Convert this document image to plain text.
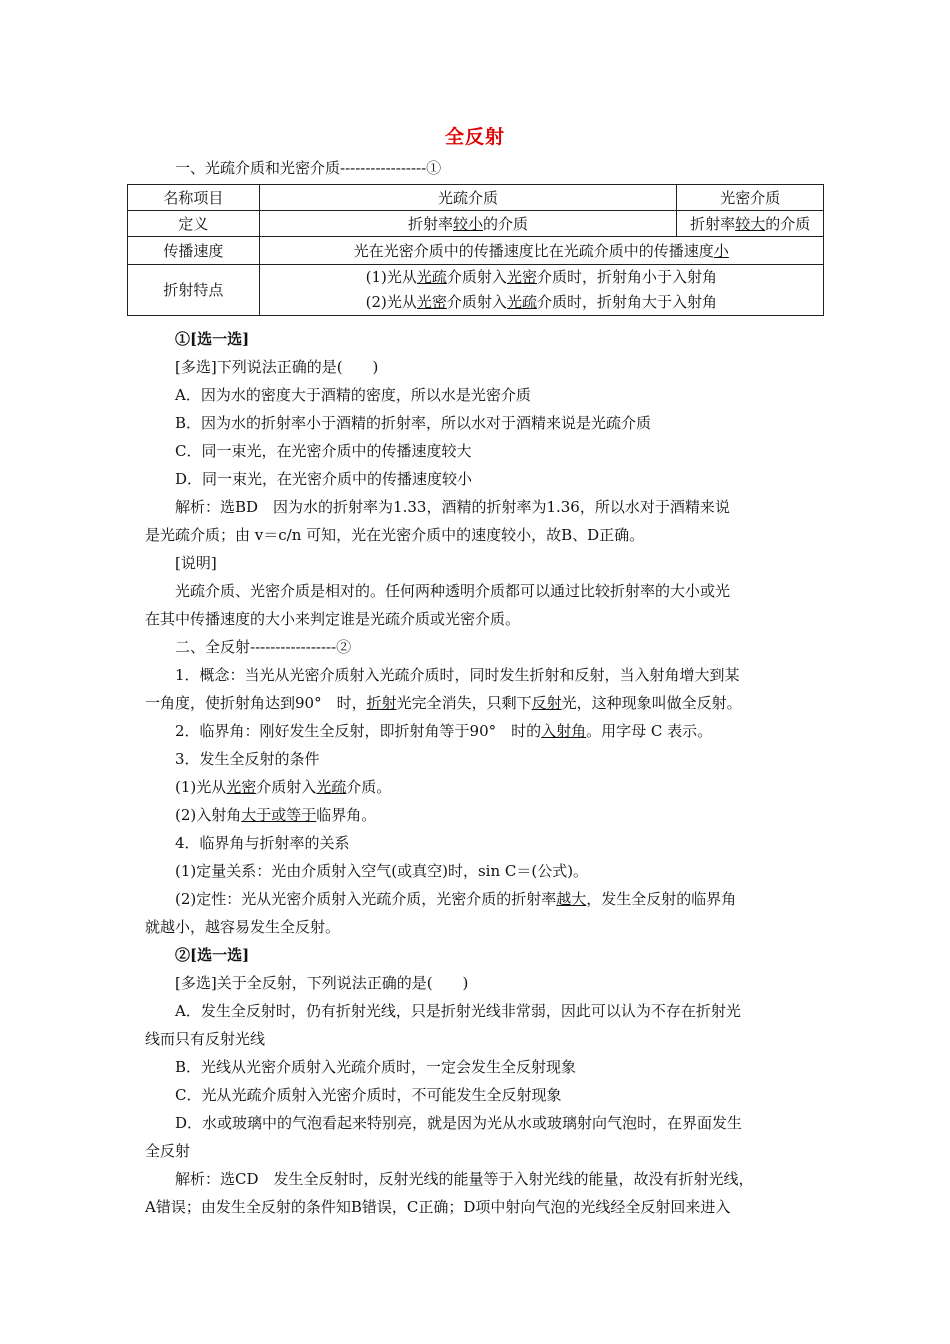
全反射
一、光疏介质和光密介质-----------------①
名称项目	光疏介质	光密介质
定义	折射率较小的介质	折射率较大的介质
传播速度	光在光密介质中的传播速度比在光疏介质中的传播速度小	
折射特点	(1)光从光疏介质射入光密介质时，折射角小于入射角
(2)光从光密介质射入光疏介质时，折射角大于入射角	
①[选一选]
[多选]下列说法正确的是(　　)
A．因为水的密度大于酒精的密度，所以水是光密介质
B．因为水的折射率小于酒精的折射率，所以水对于酒精来说是光疏介质
C．同一束光，在光密介质中的传播速度较大
D．同一束光，在光密介质中的传播速度较小
解析：选BD　因为水的折射率为1.33，酒精的折射率为1.36，所以水对于酒精来说
是光疏介质；由 v＝c/n 可知，光在光密介质中的速度较小，故B、D正确。
[说明]
光疏介质、光密介质是相对的。任何两种透明介质都可以通过比较折射率的大小或光
在其中传播速度的大小来判定谁是光疏介质或光密介质。
二、全反射-----------------②
1．概念：当光从光密介质射入光疏介质时，同时发生折射和反射，当入射角增大到某
一角度，使折射角达到90°　时，折射光完全消失，只剩下反射光，这种现象叫做全反射。
2．临界角：刚好发生全反射，即折射角等于90°　时的入射角。用字母 C 表示。
3．发生全反射的条件
(1)光从光密介质射入光疏介质。
(2)入射角大于或等于临界角。
4．临界角与折射率的关系
(1)定量关系：光由介质射入空气(或真空)时，sin C＝(公式)。
(2)定性：光从光密介质射入光疏介质，光密介质的折射率越大，发生全反射的临界角
就越小，越容易发生全反射。
②[选一选]
[多选]关于全反射，下列说法正确的是(　　)
A．发生全反射时，仍有折射光线，只是折射光线非常弱，因此可以认为不存在折射光
线而只有反射光线
B．光线从光密介质射入光疏介质时，一定会发生全反射现象
C．光从光疏介质射入光密介质时，不可能发生全反射现象
D．水或玻璃中的气泡看起来特别亮，就是因为光从水或玻璃射向气泡时，在界面发生
全反射
解析：选CD　发生全反射时，反射光线的能量等于入射光线的能量，故没有折射光线，
A错误；由发生全反射的条件知B错误，C正确；D项中射向气泡的光线经全反射回来进入
